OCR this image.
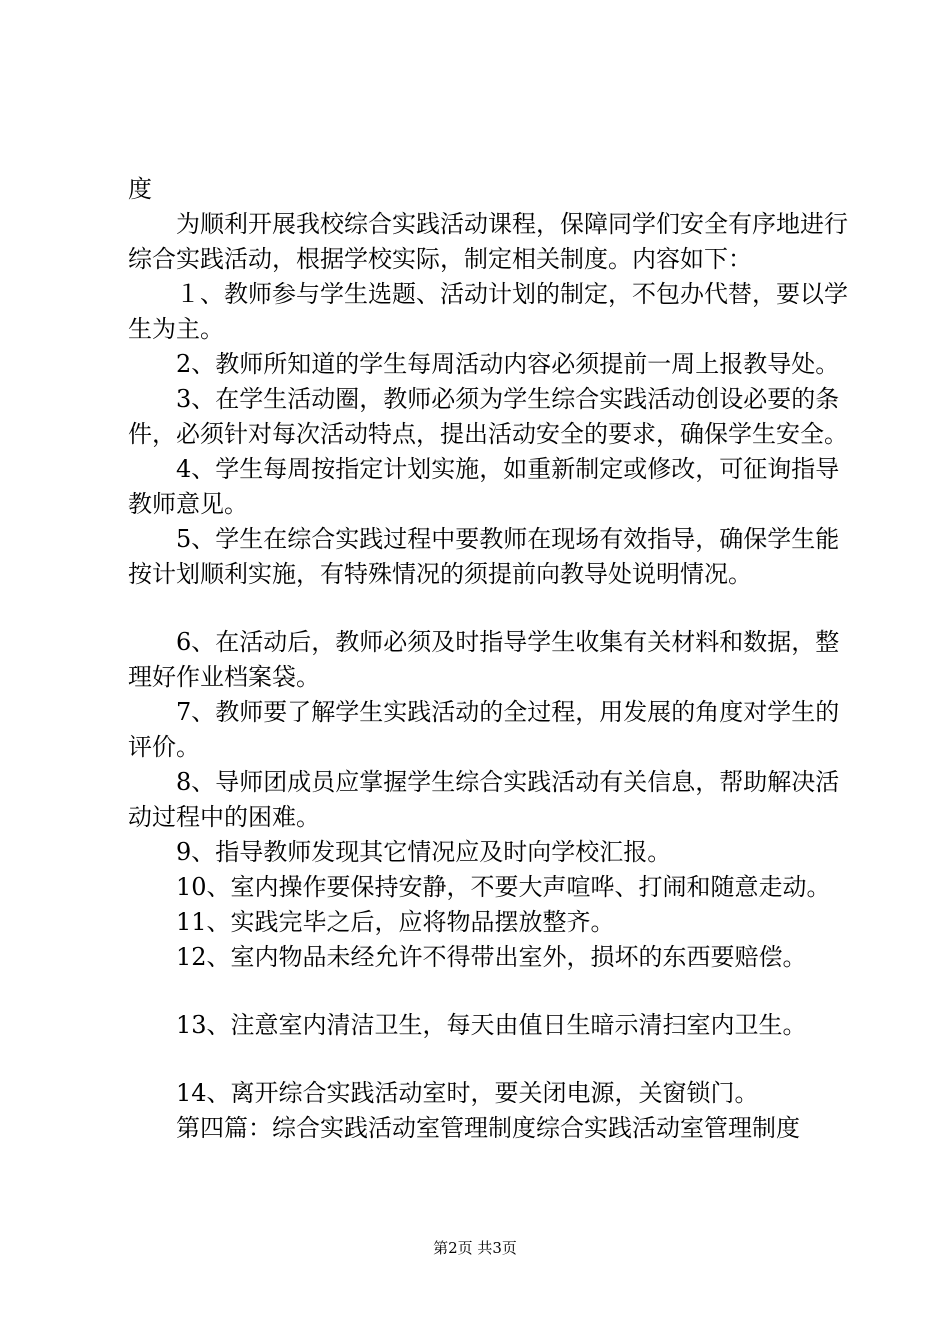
度

为顺利开展我校综合实践活动课程，保障同学们安全有序地进行综合实践活动，根据学校实际，制定相关制度。内容如下：

１、教师参与学生选题、活动计划的制定，不包办代替，要以学生为主。

2、教师所知道的学生每周活动内容必须提前一周上报教导处。

3、在学生活动圈，教师必须为学生综合实践活动创设必要的条件，必须针对每次活动特点，提出活动安全的要求，确保学生安全。

4、学生每周按指定计划实施，如重新制定或修改，可征询指导教师意见。

5、学生在综合实践过程中要教师在现场有效指导，确保学生能按计划顺利实施，有特殊情况的须提前向教导处说明情况。

6、在活动后，教师必须及时指导学生收集有关材料和数据，整理好作业档案袋。

7、教师要了解学生实践活动的全过程，用发展的角度对学生的评价。

8、导师团成员应掌握学生综合实践活动有关信息，帮助解决活动过程中的困难。

9、指导教师发现其它情况应及时向学校汇报。

10、室内操作要保持安静，不要大声喧哗、打闹和随意走动。

11、实践完毕之后，应将物品摆放整齐。

12、室内物品未经允许不得带出室外，损坏的东西要赔偿。

13、注意室内清洁卫生，每天由值日生暗示清扫室内卫生。

14、离开综合实践活动室时，要关闭电源，关窗锁门。

第四篇：综合实践活动室管理制度综合实践活动室管理制度

第2页 共3页
